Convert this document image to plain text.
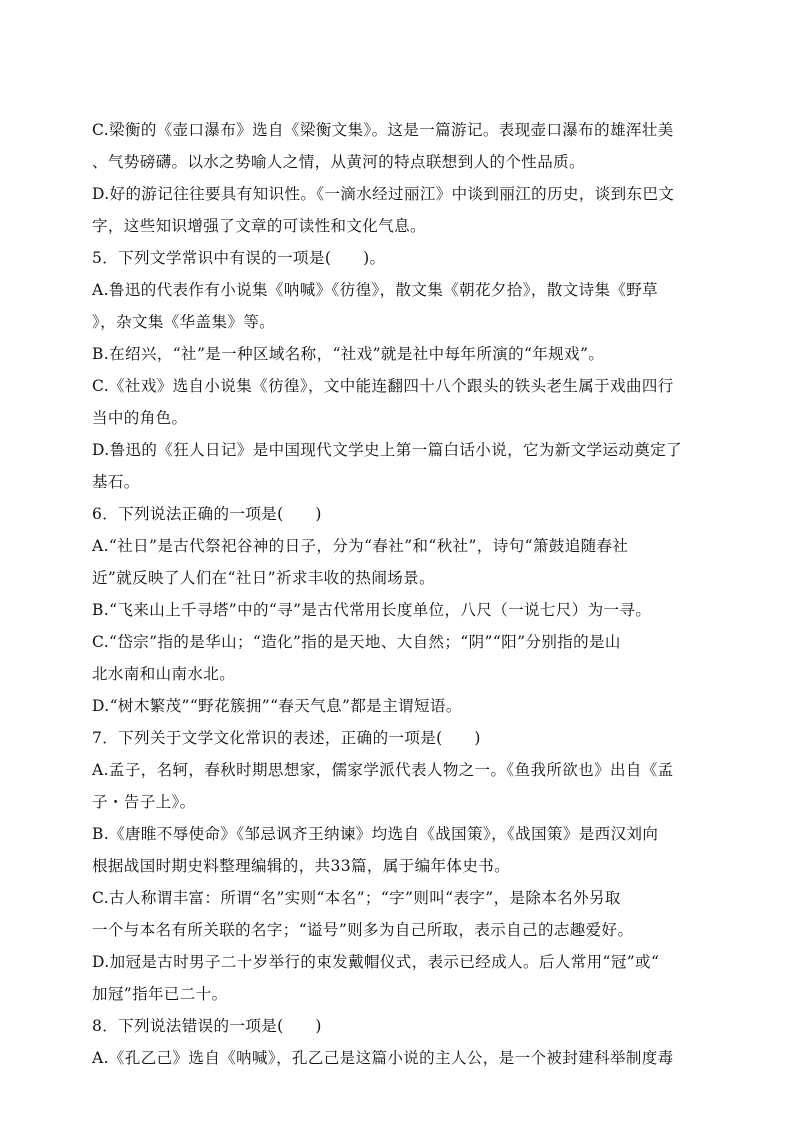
C.梁衡的《壶口瀑布》选自《梁衡文集》。这是一篇游记。表现壶口瀑布的雄浑壮美
、气势磅礴。以水之势喻人之情，从黄河的特点联想到人的个性品质。
D.好的游记往往要具有知识性。《一滴水经过丽江》中谈到丽江的历史，谈到东巴文
字，这些知识增强了文章的可读性和文化气息。
5．下列文学常识中有误的一项是(　　)。
A.鲁迅的代表作有小说集《呐喊》《彷徨》，散文集《朝花夕拾》，散文诗集《野草
》，杂文集《华盖集》等。
B.在绍兴，“社”是一种区域名称，“社戏”就是社中每年所演的“年规戏”。
C.《社戏》选自小说集《彷徨》，文中能连翻四十八个跟头的铁头老生属于戏曲四行
当中的角色。
D.鲁迅的《狂人日记》是中国现代文学史上第一篇白话小说，它为新文学运动奠定了
基石。
6．下列说法正确的一项是(　　)
A.“社日”是古代祭祀谷神的日子，分为“春社”和“秋社”，诗句“箫鼓追随春社
近”就反映了人们在“社日”祈求丰收的热闹场景。
B.“飞来山上千寻塔”中的“寻”是古代常用长度单位，八尺（一说七尺）为一寻。
C.“岱宗”指的是华山；“造化”指的是天地、大自然；“阴”“阳”分别指的是山
北水南和山南水北。
D.“树木繁茂”“野花簇拥”“春天气息”都是主谓短语。
7．下列关于文学文化常识的表述，正确的一项是(　　)
A.孟子，名轲，春秋时期思想家，儒家学派代表人物之一。《鱼我所欲也》出自《孟
子・告子上》。
B.《唐睢不辱使命》《邹忌讽齐王纳谏》均选自《战国策》，《战国策》是西汉刘向
根据战国时期史料整理编辑的，共33篇，属于编年体史书。
C.古人称谓丰富：所谓“名”实则“本名”；“字”则叫“表字”，是除本名外另取
一个与本名有所关联的名字；“谥号”则多为自己所取，表示自己的志趣爱好。
D.加冠是古时男子二十岁举行的束发戴帽仪式，表示已经成人。后人常用“冠”或“
加冠”指年已二十。
8．下列说法错误的一项是(　　)
A.《孔乙己》选自《呐喊》，孔乙己是这篇小说的主人公，是一个被封建科举制度毒
